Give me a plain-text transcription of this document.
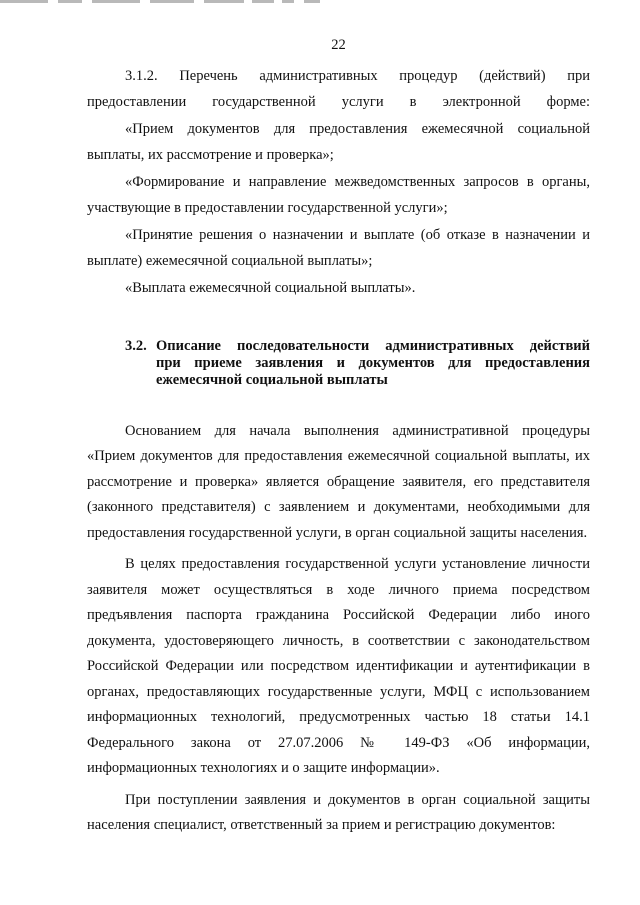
22

3.1.2. Перечень административных процедур (действий) при предоставлении государственной услуги в электронной форме:

«Прием документов для предоставления ежемесячной социальной выплаты, их рассмотрение и проверка»;

«Формирование и направление межведомственных запросов в органы, участвующие в предоставлении государственной услуги»;

«Принятие решения о назначении и выплате (об отказе в назначении и выплате) ежемесячной социальной выплаты»;

«Выплата ежемесячной социальной выплаты».

3.2. Описание последовательности административных действий
при приеме заявления и документов для предоставления
ежемесячной социальной выплаты

Основанием для начала выполнения административной процедуры «Прием документов для предоставления ежемесячной социальной выплаты, их рассмотрение и проверка» является обращение заявителя, его представителя (законного представителя) с заявлением и документами, необходимыми для предоставления государственной услуги, в орган социальной защиты населения.

В целях предоставления государственной услуги установление личности заявителя может осуществляться в ходе личного приема посредством предъявления паспорта гражданина Российской Федерации либо иного документа, удостоверяющего личность, в соответствии с законодательством Российской Федерации или посредством идентификации и аутентификации в органах, предоставляющих государственные услуги, МФЦ с использованием информационных технологий, предусмотренных частью 18 статьи 14.1 Федерального закона от 27.07.2006 № 149-ФЗ «Об информации, информационных технологиях и о защите информации».

При поступлении заявления и документов в орган социальной защиты населения специалист, ответственный за прием и регистрацию документов:
